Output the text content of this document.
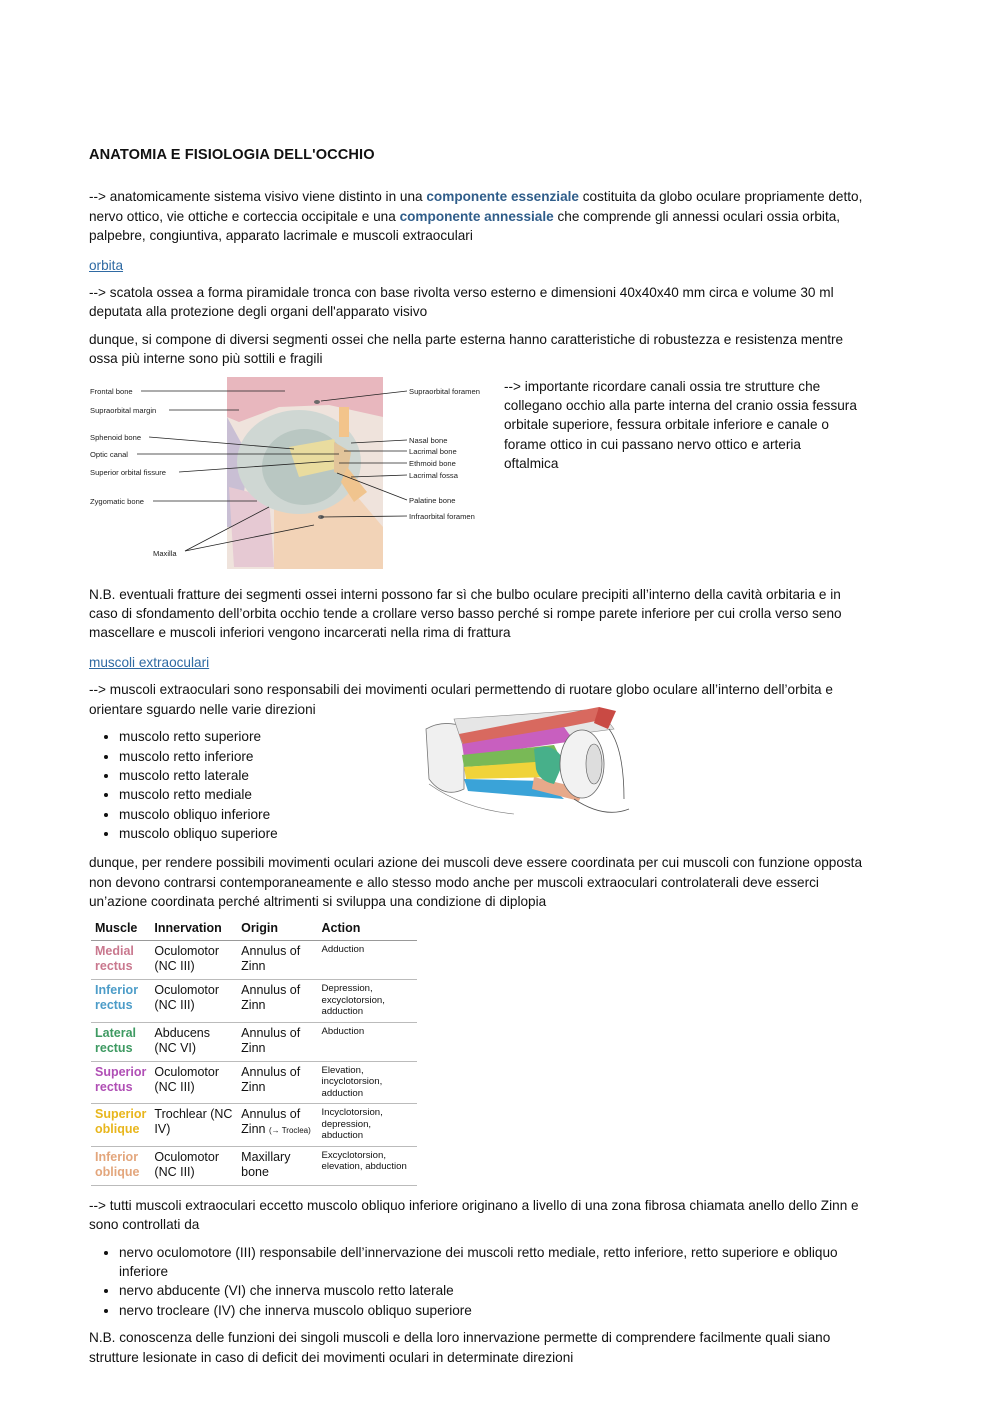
ANATOMIA E FISIOLOGIA DELL'OCCHIO

--> anatomicamente sistema visivo viene distinto in una componente essenziale costituita da globo oculare propriamente detto, nervo ottico, vie ottiche e corteccia occipitale e una componente annessiale che comprende gli annessi oculari ossia orbita, palpebre, congiuntiva, apparato lacrimale e muscoli extraoculari

orbita

--> scatola ossea a forma piramidale tronca con base rivolta verso esterno e dimensioni 40x40x40 mm circa e volume 30 ml deputata alla protezione degli organi dell'apparato visivo

dunque, si compone di diversi segmenti ossei che nella parte esterna hanno caratteristiche di robustezza e resistenza mentre ossa più interne sono più sottili e fragili

Frontal bone
Supraorbital margin
Sphenoid bone
Optic canal
Superior orbital fissure
Zygomatic bone
Maxilla
Supraorbital foramen
Nasal bone
Lacrimal bone
Ethmoid bone
Lacrimal fossa
Palatine bone
Infraorbital foramen
--> importante ricordare canali ossia tre strutture che collegano occhio alla parte interna del cranio ossia fessura orbitale superiore, fessura orbitale inferiore e canale o forame ottico in cui passano nervo ottico e arteria oftalmica

N.B. eventuali fratture dei segmenti ossei interni possono far sì che bulbo oculare precipiti all’interno della cavità orbitaria e in caso di sfondamento dell’orbita occhio tende a crollare verso basso perché si rompe parete inferiore per cui crolla verso seno mascellare e muscoli inferiori vengono incarcerati nella rima di frattura

muscoli extraoculari

--> muscoli extraoculari sono responsabili dei movimenti oculari permettendo di ruotare globo oculare all’interno dell’orbita e orientare sguardo nelle varie direzioni

• muscolo retto superiore
• muscolo retto inferiore
• muscolo retto laterale
• muscolo retto mediale
• muscolo obliquo inferiore
• muscolo obliquo superiore

dunque, per rendere possibili movimenti oculari azione dei muscoli deve essere coordinata per cui muscoli con funzione opposta non devono contrarsi contemporaneamente e allo stesso modo anche per muscoli extraoculari controlaterali deve esserci un’azione coordinata perché altrimenti si sviluppa una condizione di diplopia

Muscle	Innervation	Origin	Action
Medial
rectus	Oculomotor (NC III)	Annulus of Zinn	Adduction
Inferior
rectus	Oculomotor (NC III)	Annulus of Zinn	Depression, excyclotorsion, adduction
Lateral
rectus	Abducens (NC VI)	Annulus of Zinn	Abduction
Superior
rectus	Oculomotor (NC III)	Annulus of Zinn	Elevation, incyclotorsion, adduction
Superior
oblique	Trochlear (NC IV)	Annulus of Zinn (→ Troclea)	Incyclotorsion, depression, abduction
Inferior
oblique	Oculomotor (NC III)	Maxillary bone	Excyclotorsion, elevation, abduction

--> tutti muscoli extraoculari eccetto muscolo obliquo inferiore originano a livello di una zona fibrosa chiamata anello dello Zinn e sono controllati da

• nervo oculomotore (III) responsabile dell’innervazione dei muscoli retto mediale, retto inferiore, retto superiore e obliquo inferiore
• nervo abducente (VI) che innerva muscolo retto laterale
• nervo trocleare (IV) che innerva muscolo obliquo superiore

N.B. conoscenza delle funzioni dei singoli muscoli e della loro innervazione permette di comprendere facilmente quali siano strutture lesionate in caso di deficit dei movimenti oculari in determinate direzioni
